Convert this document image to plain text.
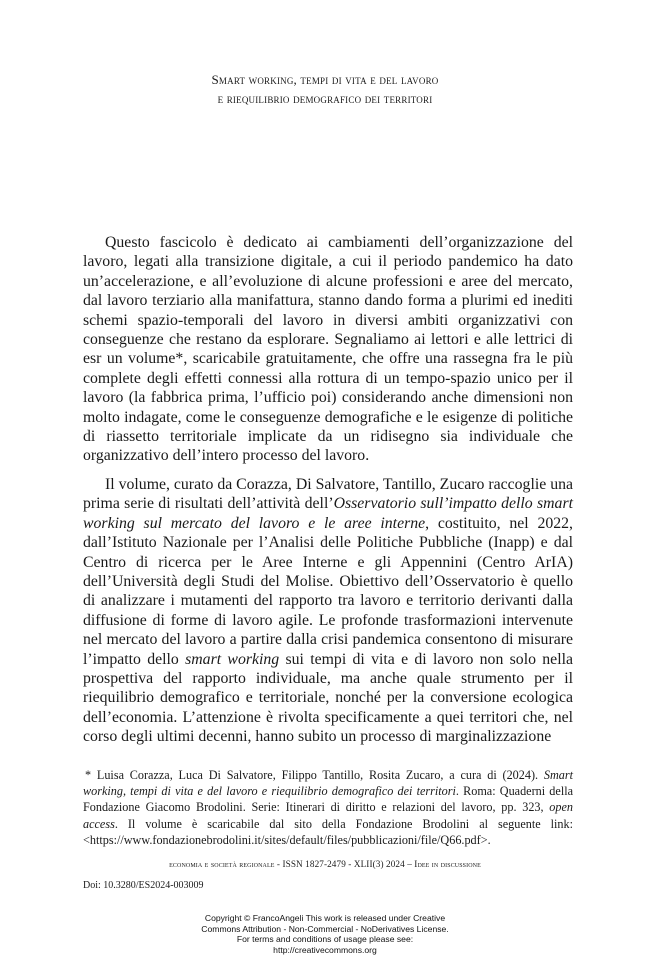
Smart working, tempi di vita e del lavoro
e riequilibrio demografico dei territori

Questo fascicolo è dedicato ai cambiamenti dell’organizzazione del lavoro, legati alla transizione digitale, a cui il periodo pandemico ha dato un’accelerazione, e all’evoluzione di alcune professioni e aree del mercato, dal lavoro terziario alla manifattura, stanno dando forma a plurimi ed inediti schemi spazio-temporali del lavoro in diversi ambiti organizzativi con conseguenze che restano da esplorare. Segnaliamo ai lettori e alle lettrici di esr un volume*, scaricabile gratuitamente, che offre una rassegna fra le più complete degli effetti connessi alla rottura di un tempo-spazio unico per il lavoro (la fabbrica prima, l’ufficio poi) considerando anche dimensioni non molto indagate, come le conseguenze demografiche e le esigenze di politiche di riassetto territoriale implicate da un ridisegno sia individuale che organizzativo dell’intero processo del lavoro.

Il volume, curato da Corazza, Di Salvatore, Tantillo, Zucaro raccoglie una prima serie di risultati dell’attività dell’Osservatorio sull’impatto dello smart working sul mercato del lavoro e le aree interne, costituito, nel 2022, dall’Istituto Nazionale per l’Analisi delle Politiche Pubbliche (Inapp) e dal Centro di ricerca per le Aree Interne e gli Appennini (Centro ArIA) dell’Università degli Studi del Molise. Obiettivo dell’Osservatorio è quello di analizzare i mutamenti del rapporto tra lavoro e territorio derivanti dalla diffusione di forme di lavoro agile. Le profonde trasformazioni intervenute nel mercato del lavoro a partire dalla crisi pandemica consentono di misurare l’impatto dello smart working sui tempi di vita e di lavoro non solo nella prospettiva del rapporto individuale, ma anche quale strumento per il riequilibrio demografico e territoriale, nonché per la conversione ecologica dell’economia. L’attenzione è rivolta specificamente a quei territori che, nel corso degli ultimi decenni, hanno subito un processo di marginalizzazione

* Luisa Corazza, Luca Di Salvatore, Filippo Tantillo, Rosita Zucaro, a cura di (2024). Smart working, tempi di vita e del lavoro e riequilibrio demografico dei territori. Roma: Quaderni della Fondazione Giacomo Brodolini. Serie: Itinerari di diritto e relazioni del lavoro, pp. 323, open access. Il volume è scaricabile dal sito della Fondazione Brodolini al seguente link: <https://www.fondazionebrodolini.it/sites/default/files/pubblicazioni/file/Q66.pdf>.

economia e società regionale - ISSN 1827-2479 - XLII(3) 2024 – Idee in discussione
Doi: 10.3280/ES2024-003009
Copyright © FrancoAngeli This work is released under Creative
Commons Attribution - Non-Commercial - NoDerivatives License.
For terms and conditions of usage please see:
http://creativecommons.org
